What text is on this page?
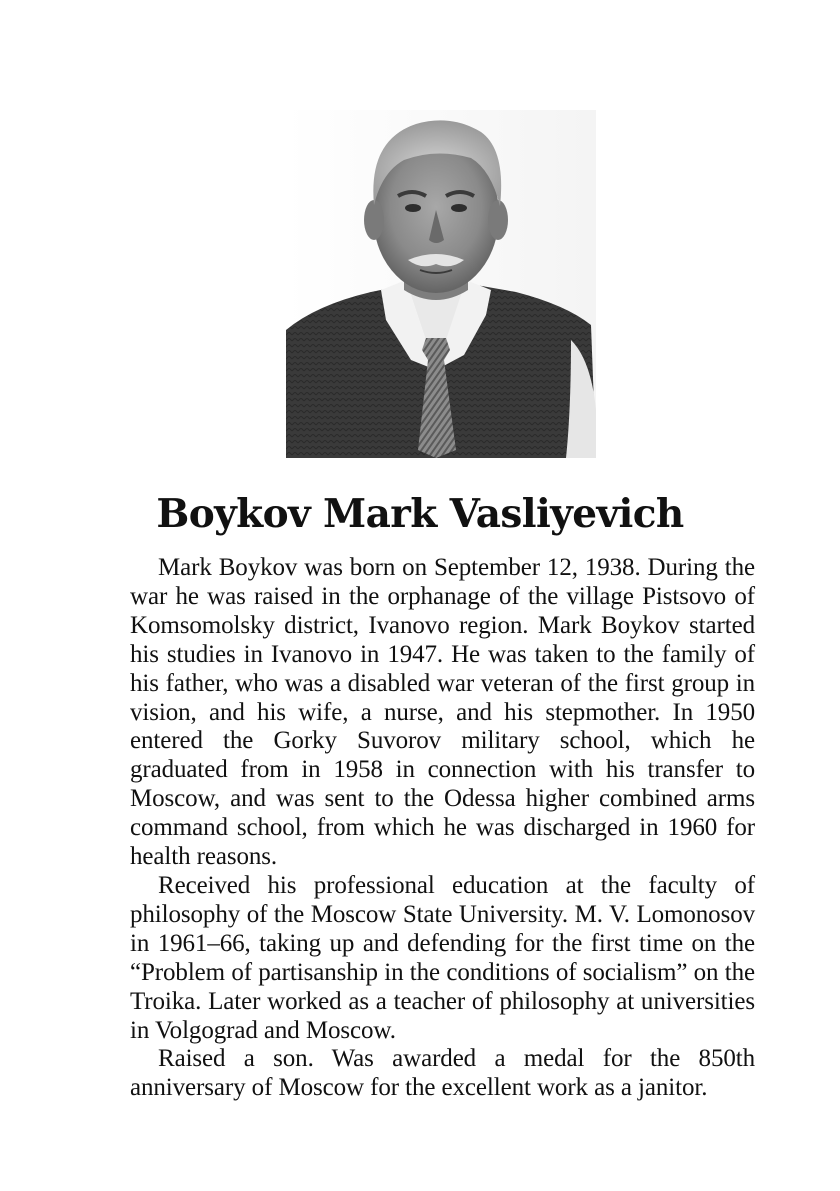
Boykov Mark Vasliyevich

Mark Boykov was born on September 12, 1938. During the war he was raised in the orphanage of the village Pistsovo of Komsomolsky district, Ivanovo region. Mark Boykov started his studies in Ivanovo in 1947. He was taken to the family of his father, who was a disabled war veteran of the first group in vision, and his wife, a nurse, and his stepmother. In 1950 entered the Gorky Suvorov military school, which he graduated from in 1958 in connection with his transfer to Moscow, and was sent to the Odessa higher combined arms command school, from which he was discharged in 1960 for health reasons.

Received his professional education at the faculty of philosophy of the Moscow State University. M. V. Lomonosov in 1961–66, taking up and defending for the first time on the “Problem of partisanship in the conditions of socialism” on the Troika. Later worked as a teacher of philosophy at universities in Volgograd and Moscow.

Raised a son. Was awarded a medal for the 850th anniversary of Moscow for the excellent work as a janitor.
